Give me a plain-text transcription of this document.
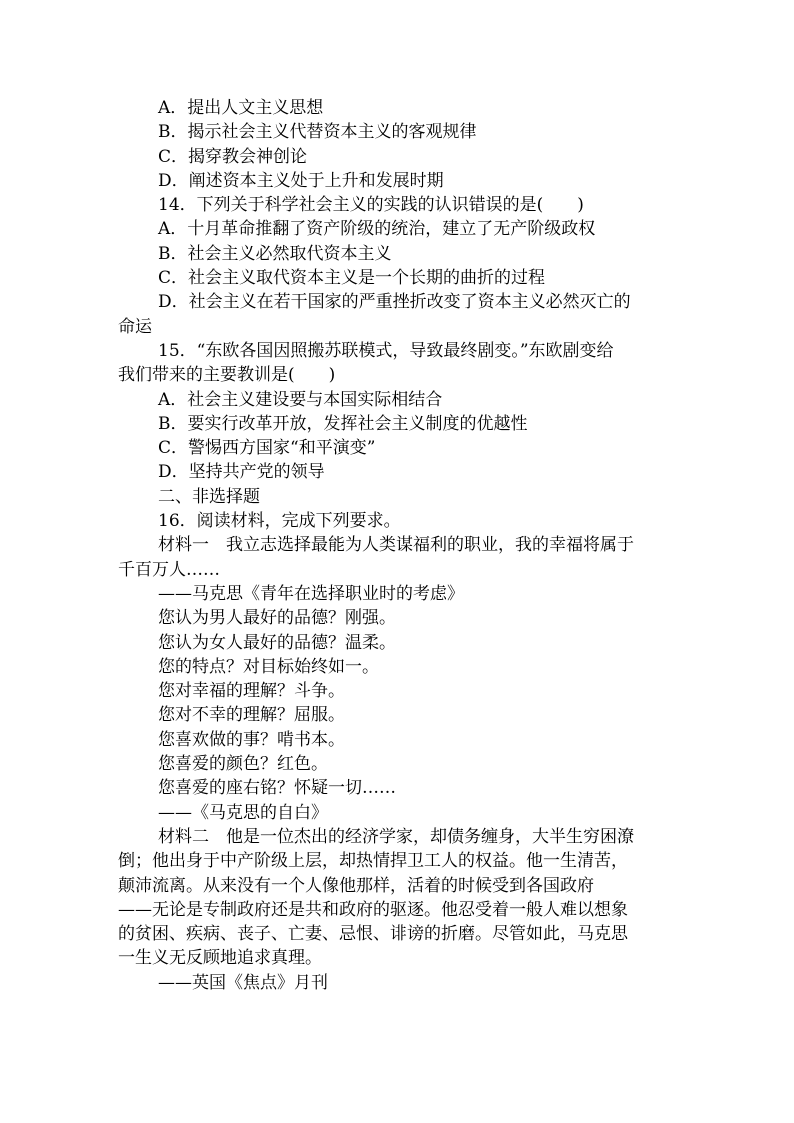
A．提出人文主义思想
B．揭示社会主义代替资本主义的客观规律
C．揭穿教会神创论
D．阐述资本主义处于上升和发展时期
14．下列关于科学社会主义的实践的认识错误的是(　　)
A．十月革命推翻了资产阶级的统治，建立了无产阶级政权
B．社会主义必然取代资本主义
C．社会主义取代资本主义是一个长期的曲折的过程
D．社会主义在若干国家的严重挫折改变了资本主义必然灭亡的
命运
15．“东欧各国因照搬苏联模式，导致最终剧变。”东欧剧变给
我们带来的主要教训是(　　)
A．社会主义建设要与本国实际相结合
B．要实行改革开放，发挥社会主义制度的优越性
C．警惕西方国家“和平演变”
D．坚持共产党的领导
二、非选择题
16．阅读材料，完成下列要求。
材料一　我立志选择最能为人类谋福利的职业，我的幸福将属于
千百万人……
——马克思《青年在选择职业时的考虑》
您认为男人最好的品德？刚强。
您认为女人最好的品德？温柔。
您的特点？对目标始终如一。
您对幸福的理解？斗争。
您对不幸的理解？屈服。
您喜欢做的事？啃书本。
您喜爱的颜色？红色。
您喜爱的座右铭？怀疑一切……
——《马克思的自白》
材料二　他是一位杰出的经济学家，却债务缠身，大半生穷困潦
倒；他出身于中产阶级上层，却热情捍卫工人的权益。他一生清苦，
颠沛流离。从来没有一个人像他那样，活着的时候受到各国政府
——无论是专制政府还是共和政府的驱逐。他忍受着一般人难以想象
的贫困、疾病、丧子、亡妻、忌恨、诽谤的折磨。尽管如此，马克思
一生义无反顾地追求真理。
——英国《焦点》月刊
